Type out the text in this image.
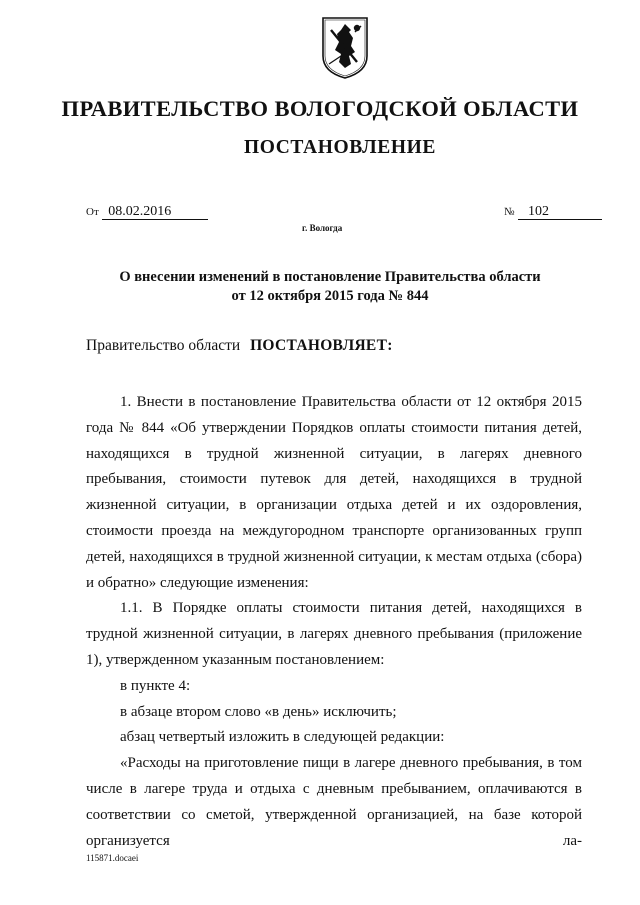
ПРАВИТЕЛЬСТВО ВОЛОГОДСКОЙ ОБЛАСТИ
ПОСТАНОВЛЕНИЕ
От 08.02.2016	№ 102
г. Вологда
О внесении изменений в постановление Правительства области
от 12 октября 2015 года № 844
Правительство области ПОСТАНОВЛЯЕТ:

1. Внести в постановление Правительства области от 12 октября 2015 года № 844 «Об утверждении Порядков оплаты стоимости питания детей, находящихся в трудной жизненной ситуации, в лагерях дневного пребывания, стоимости путевок для детей, находящихся в трудной жизненной ситуации, в организации отдыха детей и их оздоровления, стоимости проезда на междугородном транспорте организованных групп детей, находящихся в трудной жизненной ситуации, к местам отдыха (сбора) и обратно» следующие изменения:

1.1. В Порядке оплаты стоимости питания детей, находящихся в трудной жизненной ситуации, в лагерях дневного пребывания (приложение 1), утвержденном указанным постановлением:

в пункте 4:

в абзаце втором слово «в день» исключить;

абзац четвертый изложить в следующей редакции:

«Расходы на приготовление пищи в лагере дневного пребывания, в том числе в лагере труда и отдыха с дневным пребыванием, оплачиваются в соответствии со сметой, утвержденной организацией, на базе которой организуется ла-

115871.docaei
